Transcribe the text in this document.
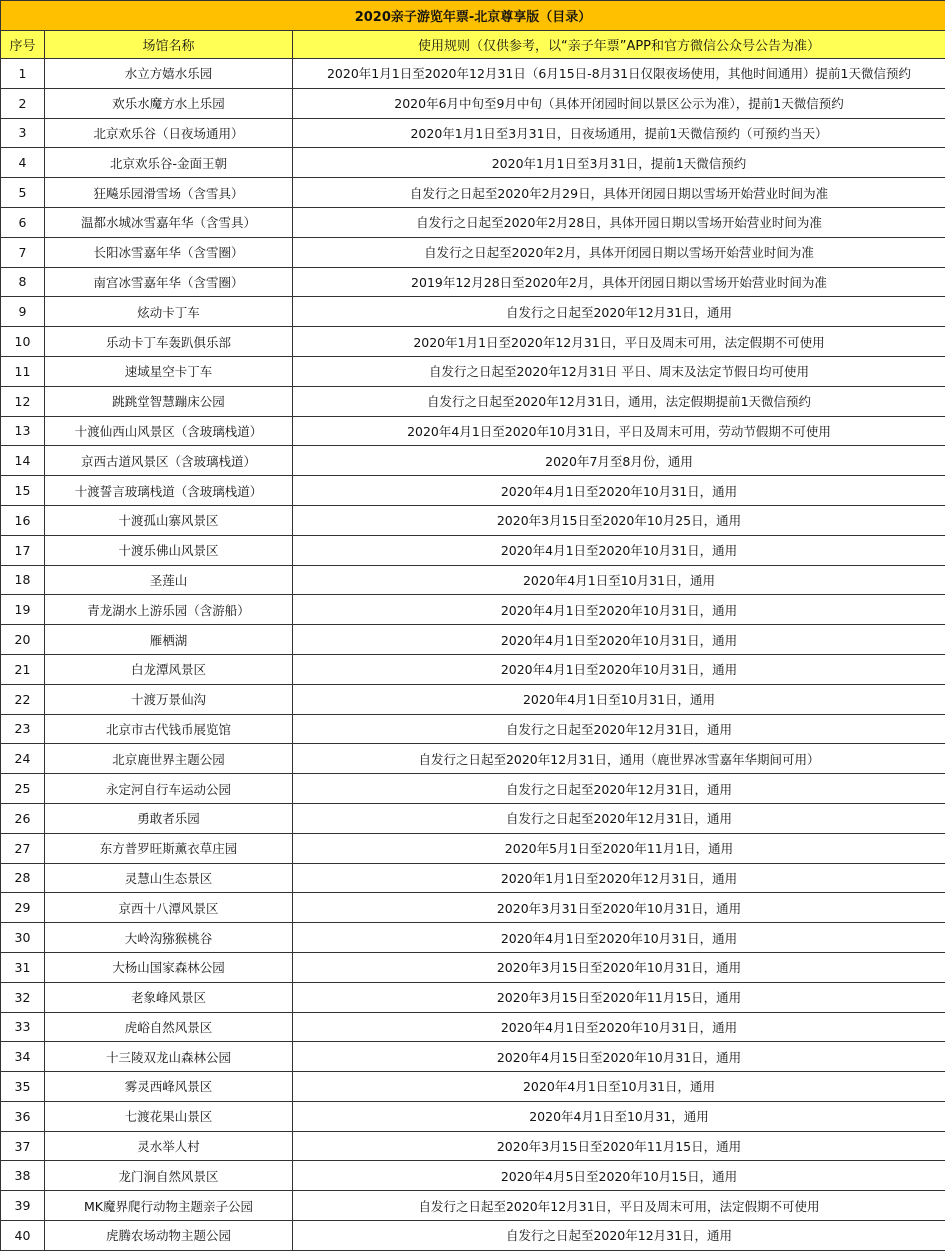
2020亲子游览年票-北京尊享版（目录）		
序号	场馆名称	使用规则（仅供参考，以“亲子年票”APP和官方微信公众号公告为准）
1	水立方嬉水乐园	2020年1月1日至2020年12月31日（6月15日-8月31日仅限夜场使用，其他时间通用）提前1天微信预约
2	欢乐水魔方水上乐园	2020年6月中旬至9月中旬（具体开闭园时间以景区公示为准），提前1天微信预约
3	北京欢乐谷（日夜场通用）	2020年1月1日至3月31日，日夜场通用，提前1天微信预约（可预约当天）
4	北京欢乐谷-金面王朝	2020年1月1日至3月31日，提前1天微信预约
5	狂飚乐园滑雪场（含雪具）	自发行之日起至2020年2月29日，具体开闭园日期以雪场开始营业时间为准
6	温都水城冰雪嘉年华（含雪具）	自发行之日起至2020年2月28日，具体开园日期以雪场开始营业时间为准
7	长阳冰雪嘉年华（含雪圈）	自发行之日起至2020年2月，具体开闭园日期以雪场开始营业时间为准
8	南宫冰雪嘉年华（含雪圈）	2019年12月28日至2020年2月，具体开闭园日期以雪场开始营业时间为准
9	炫动卡丁车	自发行之日起至2020年12月31日，通用
10	乐动卡丁车轰趴俱乐部	2020年1月1日至2020年12月31日，平日及周末可用，法定假期不可使用
11	速域星空卡丁车	自发行之日起至2020年12月31日 平日、周末及法定节假日均可使用
12	跳跳堂智慧蹦床公园	自发行之日起至2020年12月31日，通用，法定假期提前1天微信预约
13	十渡仙西山风景区（含玻璃栈道）	2020年4月1日至2020年10月31日，平日及周末可用，劳动节假期不可使用
14	京西古道风景区（含玻璃栈道）	2020年7月至8月份，通用
15	十渡誓言玻璃栈道（含玻璃栈道）	2020年4月1日至2020年10月31日，通用
16	十渡孤山寨风景区	2020年3月15日至2020年10月25日，通用
17	十渡乐佛山风景区	2020年4月1日至2020年10月31日，通用
18	圣莲山	2020年4月1日至10月31日，通用
19	青龙湖水上游乐园（含游船）	2020年4月1日至2020年10月31日，通用
20	雁栖湖	2020年4月1日至2020年10月31日，通用
21	白龙潭风景区	2020年4月1日至2020年10月31日，通用
22	十渡万景仙沟	2020年4月1日至10月31日，通用
23	北京市古代钱币展览馆	自发行之日起至2020年12月31日，通用
24	北京鹿世界主题公园	自发行之日起至2020年12月31日，通用（鹿世界冰雪嘉年华期间可用）
25	永定河自行车运动公园	自发行之日起至2020年12月31日，通用
26	勇敢者乐园	自发行之日起至2020年12月31日，通用
27	东方普罗旺斯薰衣草庄园	2020年5月1日至2020年11月1日，通用
28	灵慧山生态景区	2020年1月1日至2020年12月31日，通用
29	京西十八潭风景区	2020年3月31日至2020年10月31日，通用
30	大岭沟猕猴桃谷	2020年4月1日至2020年10月31日，通用
31	大杨山国家森林公园	2020年3月15日至2020年10月31日，通用
32	老象峰风景区	2020年3月15日至2020年11月15日，通用
33	虎峪自然风景区	2020年4月1日至2020年10月31日，通用
34	十三陵双龙山森林公园	2020年4月15日至2020年10月31日，通用
35	雾灵西峰风景区	2020年4月1日至10月31日，通用
36	七渡花果山景区	2020年4月1日至10月31，通用
37	灵水举人村	2020年3月15日至2020年11月15日，通用
38	龙门涧自然风景区	2020年4月5日至2020年10月15日，通用
39	MK魔界爬行动物主题亲子公园	自发行之日起至2020年12月31日，平日及周末可用，法定假期不可使用
40	虎腾农场动物主题公园	自发行之日起至2020年12月31日，通用
